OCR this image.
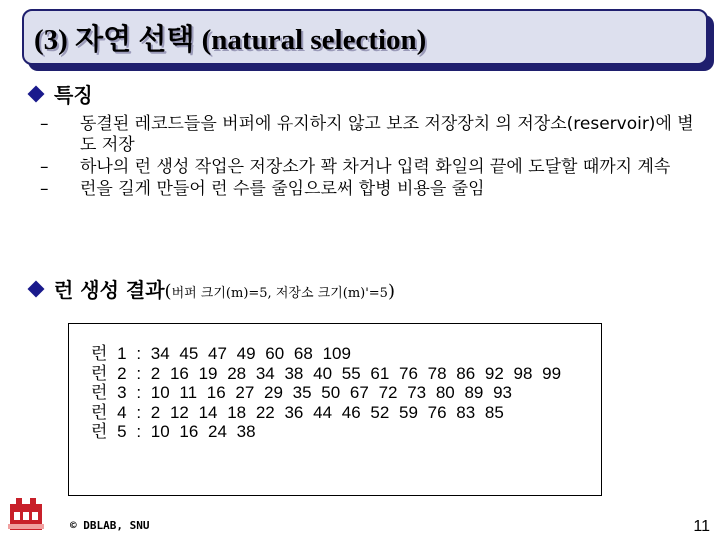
(3) 자연 선택 (natural selection)
특징
–	동결된 레코드들을 버퍼에 유지하지 않고 보조 저장장치 의 저장소(reservoir)에 별도 저장
–	하나의 런 생성 작업은 저장소가 꽉 차거나 입력 화일의 끝에 도달할 때까지 계속
–	런을 길게 만들어 런 수를 줄임으로써 합병 비용을 줄임
런 생성 결과(버퍼 크기(m)=5, 저장소 크기(m)'=5)
런 1 : 34 45 47 49 60 68 109
런 2 : 2 16 19 28 34 38 40 55 61 76 78 86 92 98 99
런 3 : 10 11 16 27 29 35 50 67 72 73 80 89 93
런 4 : 2 12 14 18 22 36 44 46 52 59 76 83 85
런 5 : 10 16 24 38
© DBLAB, SNU	11
